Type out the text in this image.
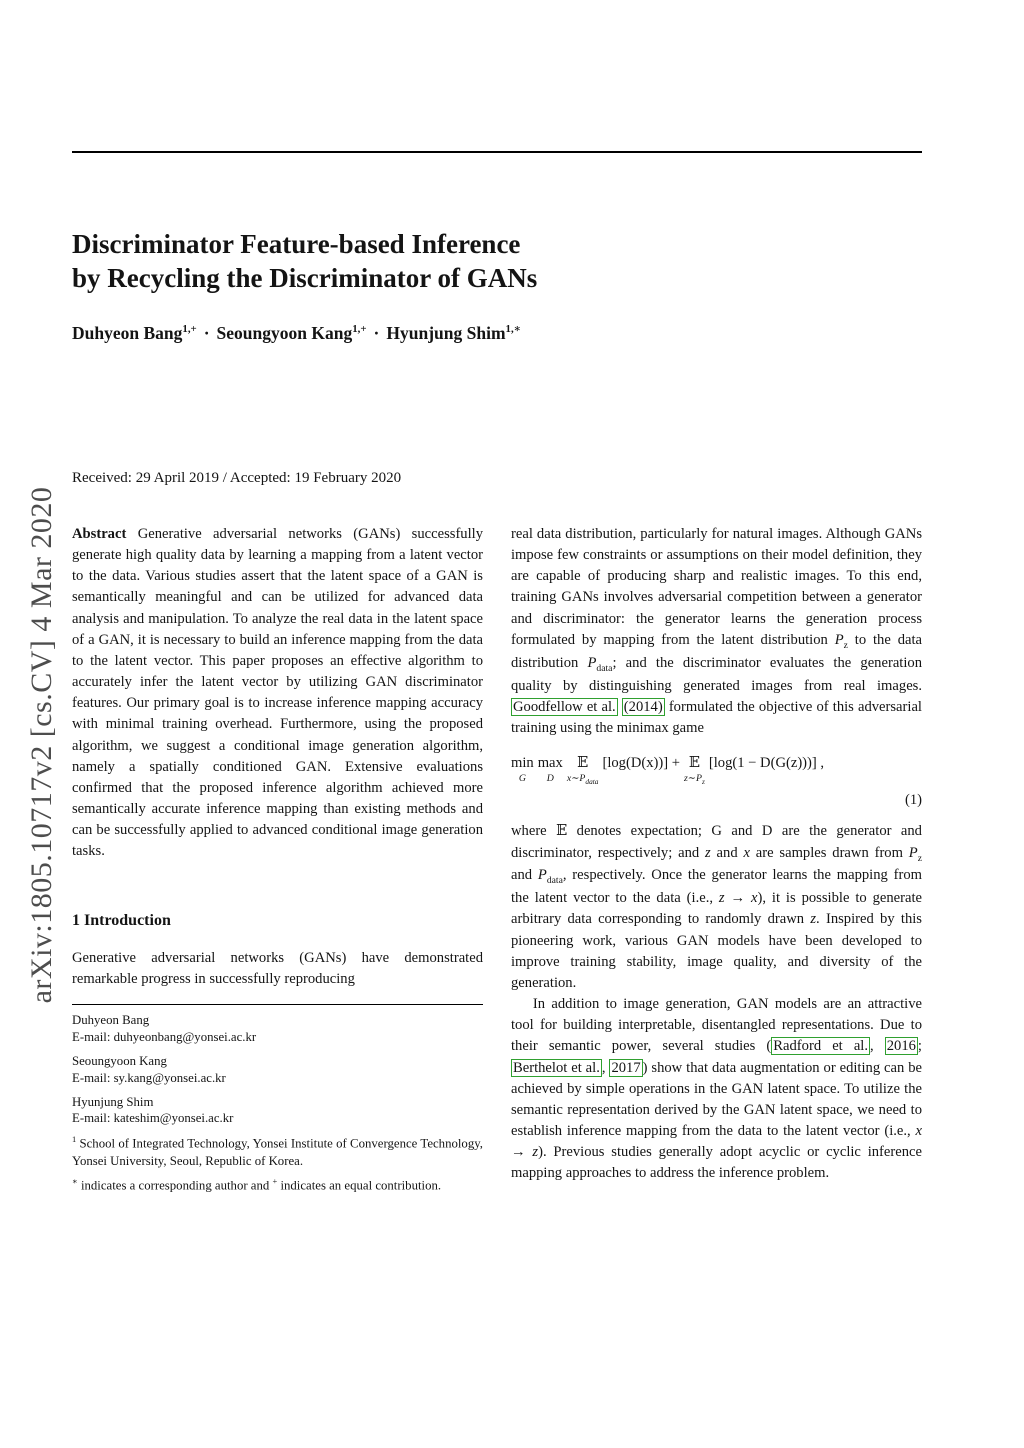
arXiv:1805.10717v2 [cs.CV] 4 Mar 2020
Discriminator Feature-based Inference
by Recycling the Discriminator of GANs
Duhyeon Bang$^{1,+}$ · Seoungyoon Kang$^{1,+}$ · Hyunjung Shim$^{1,∗}$
Received: 29 April 2019 / Accepted: 19 February 2020

Abstract Generative adversarial networks (GANs) successfully generate high quality data by learning a mapping from a latent vector to the data. Various studies assert that the latent space of a GAN is semantically meaningful and can be utilized for advanced data analysis and manipulation. To analyze the real data in the latent space of a GAN, it is necessary to build an inference mapping from the data to the latent vector. This paper proposes an effective algorithm to accurately infer the latent vector by utilizing GAN discriminator features. Our primary goal is to increase inference mapping accuracy with minimal training overhead. Furthermore, using the proposed algorithm, we suggest a conditional image generation algorithm, namely a spatially conditioned GAN. Extensive evaluations confirmed that the proposed inference algorithm achieved more semantically accurate inference mapping than existing methods and can be successfully applied to advanced conditional image generation tasks.

1 Introduction

Generative adversarial networks (GANs) have demonstrated remarkable progress in successfully reproducing

Duhyeon Bang
E-mail: duhyeonbang@yonsei.ac.kr
Seoungyoon Kang
E-mail: sy.kang@yonsei.ac.kr
Hyunjung Shim
E-mail: kateshim@yonsei.ac.kr
$^1$ School of Integrated Technology, Yonsei Institute of Convergence Technology, Yonsei University, Seoul, Republic of Korea.
∗ indicates a corresponding author and + indicates an equal contribution.

real data distribution, particularly for natural images. Although GANs impose few constraints or assumptions on their model definition, they are capable of producing sharp and realistic images. To this end, training GANs involves adversarial competition between a generator and discriminator: the generator learns the generation process formulated by mapping from the latent distribution $P_z$ to the data distribution $P_{data}$; and the discriminator evaluates the generation quality by distinguishing generated images from real images. Goodfellow et al. (2014) formulated the objective of this adversarial training using the minimax game

min
G
max
D
𝔼
$x\sim P_{data}$
[log(D(x))] + 𝔼
$z\sim P_z$
[log(1 − D(G(z)))] ,
(1)

where 𝔼 denotes expectation; G and D are the generator and discriminator, respectively; and z and x are samples drawn from $P_z$ and $P_{data}$, respectively. Once the generator learns the mapping from the latent vector to the data (i.e., z → x), it is possible to generate arbitrary data corresponding to randomly drawn z. Inspired by this pioneering work, various GAN models have been developed to improve training stability, image quality, and diversity of the generation.

In addition to image generation, GAN models are an attractive tool for building interpretable, disentangled representations. Due to their semantic power, several studies ( Radford et al. , 2016 ; Berthelot et al. , 2017 ) show that data augmentation or editing can be achieved by simple operations in the GAN latent space. To utilize the semantic representation derived by the GAN latent space, we need to establish inference mapping from the data to the latent vector (i.e., x → z). Previous studies generally adopt acyclic or cyclic inference mapping approaches to address the inference problem.
